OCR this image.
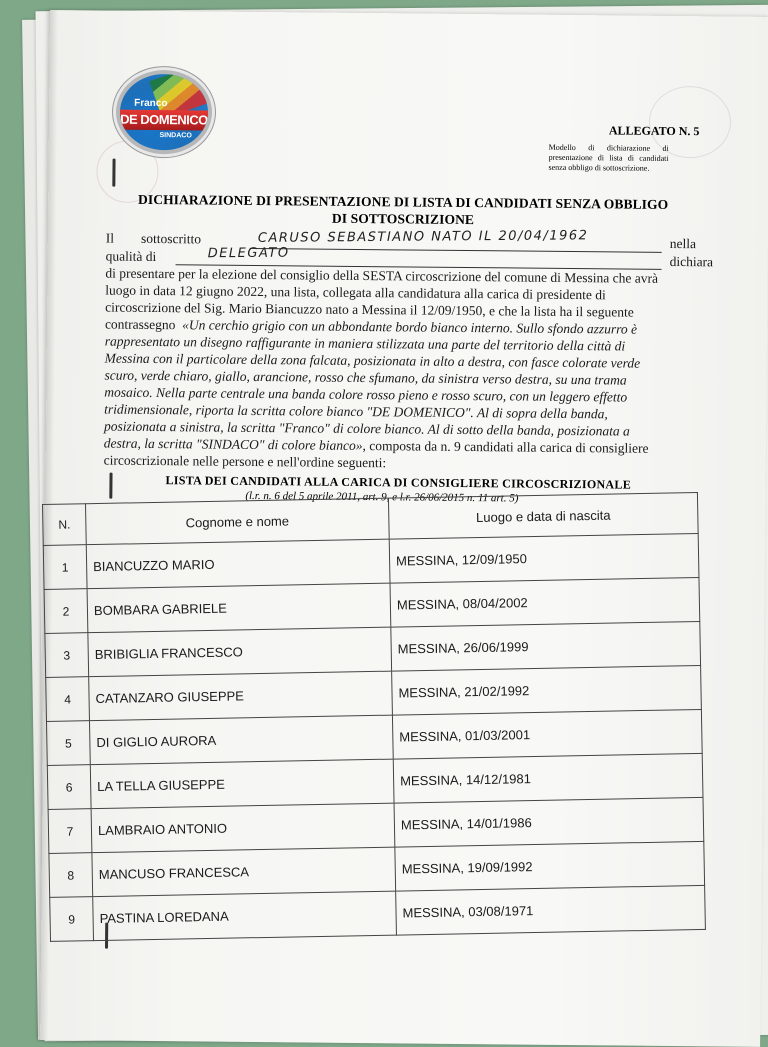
Franco
DE DOMENICO
SINDACO	ALLEGATO N. 5
Modello di dichiarazione di presentazione di lista di candidati senza obbligo di sottoscrizione.
DICHIARAZIONE DI PRESENTAZIONE DI LISTA DI CANDIDATI SENZA OBBLIGO
DI SOTTOSCRIZIONE
Il sottoscritto	CARUSO SEBASTIANO NATO IL 20/04/1962	nella
qualità di	DELEGATO
dichiara
di presentare per la elezione del consiglio della SESTA circoscrizione del comune di Messina che avrà
luogo in data 12 giugno 2022, una lista, collegata alla candidatura alla carica di presidente di
circoscrizione del Sig. Mario Biancuzzo nato a Messina il 12/09/1950, e che la lista ha il seguente
contrassegno «Un cerchio grigio con un abbondante bordo bianco interno. Sullo sfondo azzurro è
rappresentato un disegno raffigurante in maniera stilizzata una parte del territorio della città di
Messina con il particolare della zona falcata, posizionata in alto a destra, con fasce colorate verde
scuro, verde chiaro, giallo, arancione, rosso che sfumano, da sinistra verso destra, su una trama
mosaico. Nella parte centrale una banda colore rosso pieno e rosso scuro, con un leggero effetto
tridimensionale, riporta la scritta colore bianco "DE DOMENICO". Al di sopra della banda,
posizionata a sinistra, la scritta "Franco" di colore bianco. Al di sotto della banda, posizionata a
destra, la scritta "SINDACO" di colore bianco», composta da n. 9 candidati alla carica di consigliere
circoscrizionale nelle persone e nell'ordine seguenti:
LISTA DEI CANDIDATI ALLA CARICA DI CONSIGLIERE CIRCOSCRIZIONALE
(l.r. n. 6 del 5 aprile 2011, art. 9, e l.r. 26/06/2015 n. 11 art. 5)
N.	Cognome e nome	Luogo e data di nascita
1	BIANCUZZO MARIO	MESSINA, 12/09/1950
2	BOMBARA GABRIELE	MESSINA, 08/04/2002
3	BRIBIGLIA FRANCESCO	MESSINA, 26/06/1999
4	CATANZARO GIUSEPPE	MESSINA, 21/02/1992
5	DI GIGLIO AURORA	MESSINA, 01/03/2001
6	LA TELLA GIUSEPPE	MESSINA, 14/12/1981
7	LAMBRAIO ANTONIO	MESSINA, 14/01/1986
8	MANCUSO FRANCESCA	MESSINA, 19/09/1992
9	PASTINA LOREDANA	MESSINA, 03/08/1971
